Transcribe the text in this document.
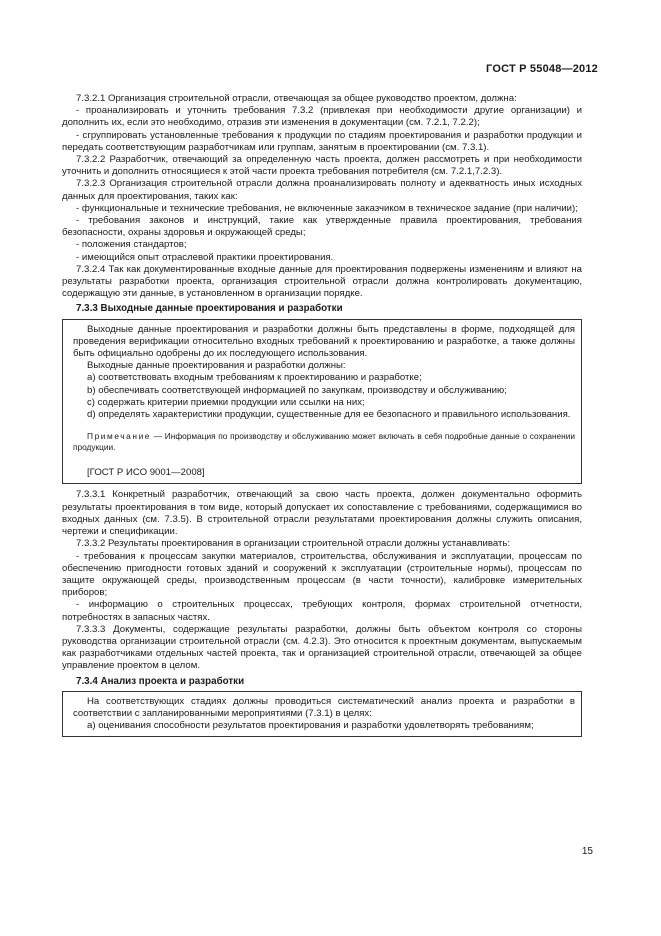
ГОСТ Р 55048—2012

7.3.2.1 Организация строительной отрасли, отвечающая за общее руководство проектом, должна:

- проанализировать и уточнить требования 7.3.2 (привлекая при необходимости другие организации) и дополнить их, если это необходимо, отразив эти изменения в документации (см. 7.2.1, 7.2.2);

- сгруппировать установленные требования к продукции по стадиям проектирования и разработки продукции и передать соответствующим разработчикам или группам, занятым в проектировании (см. 7.3.1).

7.3.2.2 Разработчик, отвечающий за определенную часть проекта, должен рассмотреть и при необходимости уточнить и дополнить относящиеся к этой части проекта требования потребителя (см. 7.2.1,7.2.3).

7.3.2.3 Организация строительной отрасли должна проанализировать полноту и адекватность иных исходных данных для проектирования, таких как:

- функциональные и технические требования, не включенные заказчиком в техническое задание (при наличии);

- требования законов и инструкций, такие как утвержденные правила проектирования, требования безопасности, охраны здоровья и окружающей среды;

- положения стандартов;

- имеющийся опыт отраслевой практики проектирования.

7.3.2.4 Так как документированные входные данные для проектирования подвержены изменениям и влияют на результаты разработки проекта, организация строительной отрасли должна контролировать документацию, содержащую эти данные, в установленном в организации порядке.

7.3.3 Выходные данные проектирования и разработки

Выходные данные проектирования и разработки должны быть представлены в форме, подходящей для проведения верификации относительно входных требований к проектированию и разработке, а также должны быть официально одобрены до их последующего использования.

Выходные данные проектирования и разработки должны:

а) соответствовать входным требованиям к проектированию и разработке;

b) обеспечивать соответствующей информацией по закупкам, производству и обслуживанию;

с) содержать критерии приемки продукции или ссылки на них;

d) определять характеристики продукции, существенные для ее безопасного и правильного использования.

Примечание — Информация по производству и обслуживанию может включать в себя подробные данные о сохранении продукции.

[ГОСТ Р ИСО 9001—2008]

7.3.3.1 Конкретный разработчик, отвечающий за свою часть проекта, должен документально оформить результаты проектирования в том виде, который допускает их сопоставление с требованиями, содержащимися во входных данных (см. 7.3.5). В строительной отрасли результатами проектирования должны служить описания, чертежи и спецификации.

7.3.3.2 Результаты проектирования в организации строительной отрасли должны устанавливать:

- требования к процессам закупки материалов, строительства, обслуживания и эксплуатации, процессам по обеспечению пригодности готовых зданий и сооружений к эксплуатации (строительные нормы), процессам по защите окружающей среды, производственным процессам (в части точности), калибровке измерительных приборов;

- информацию о строительных процессах, требующих контроля, формах строительной отчетности, потребностях в запасных частях.

7.3.3.3 Документы, содержащие результаты разработки, должны быть объектом контроля со стороны руководства организации строительной отрасли (см. 4.2.3). Это относится к проектным документам, выпускаемым как разработчиками отдельных частей проекта, так и организацией строительной отрасли, отвечающей за общее управление проектом в целом.

7.3.4 Анализ проекта и разработки

На соответствующих стадиях должны проводиться систематический анализ проекта и разработки в соответствии с запланированными мероприятиями (7.3.1) в целях:

а) оценивания способности результатов проектирования и разработки удовлетворять требованиям;

15
